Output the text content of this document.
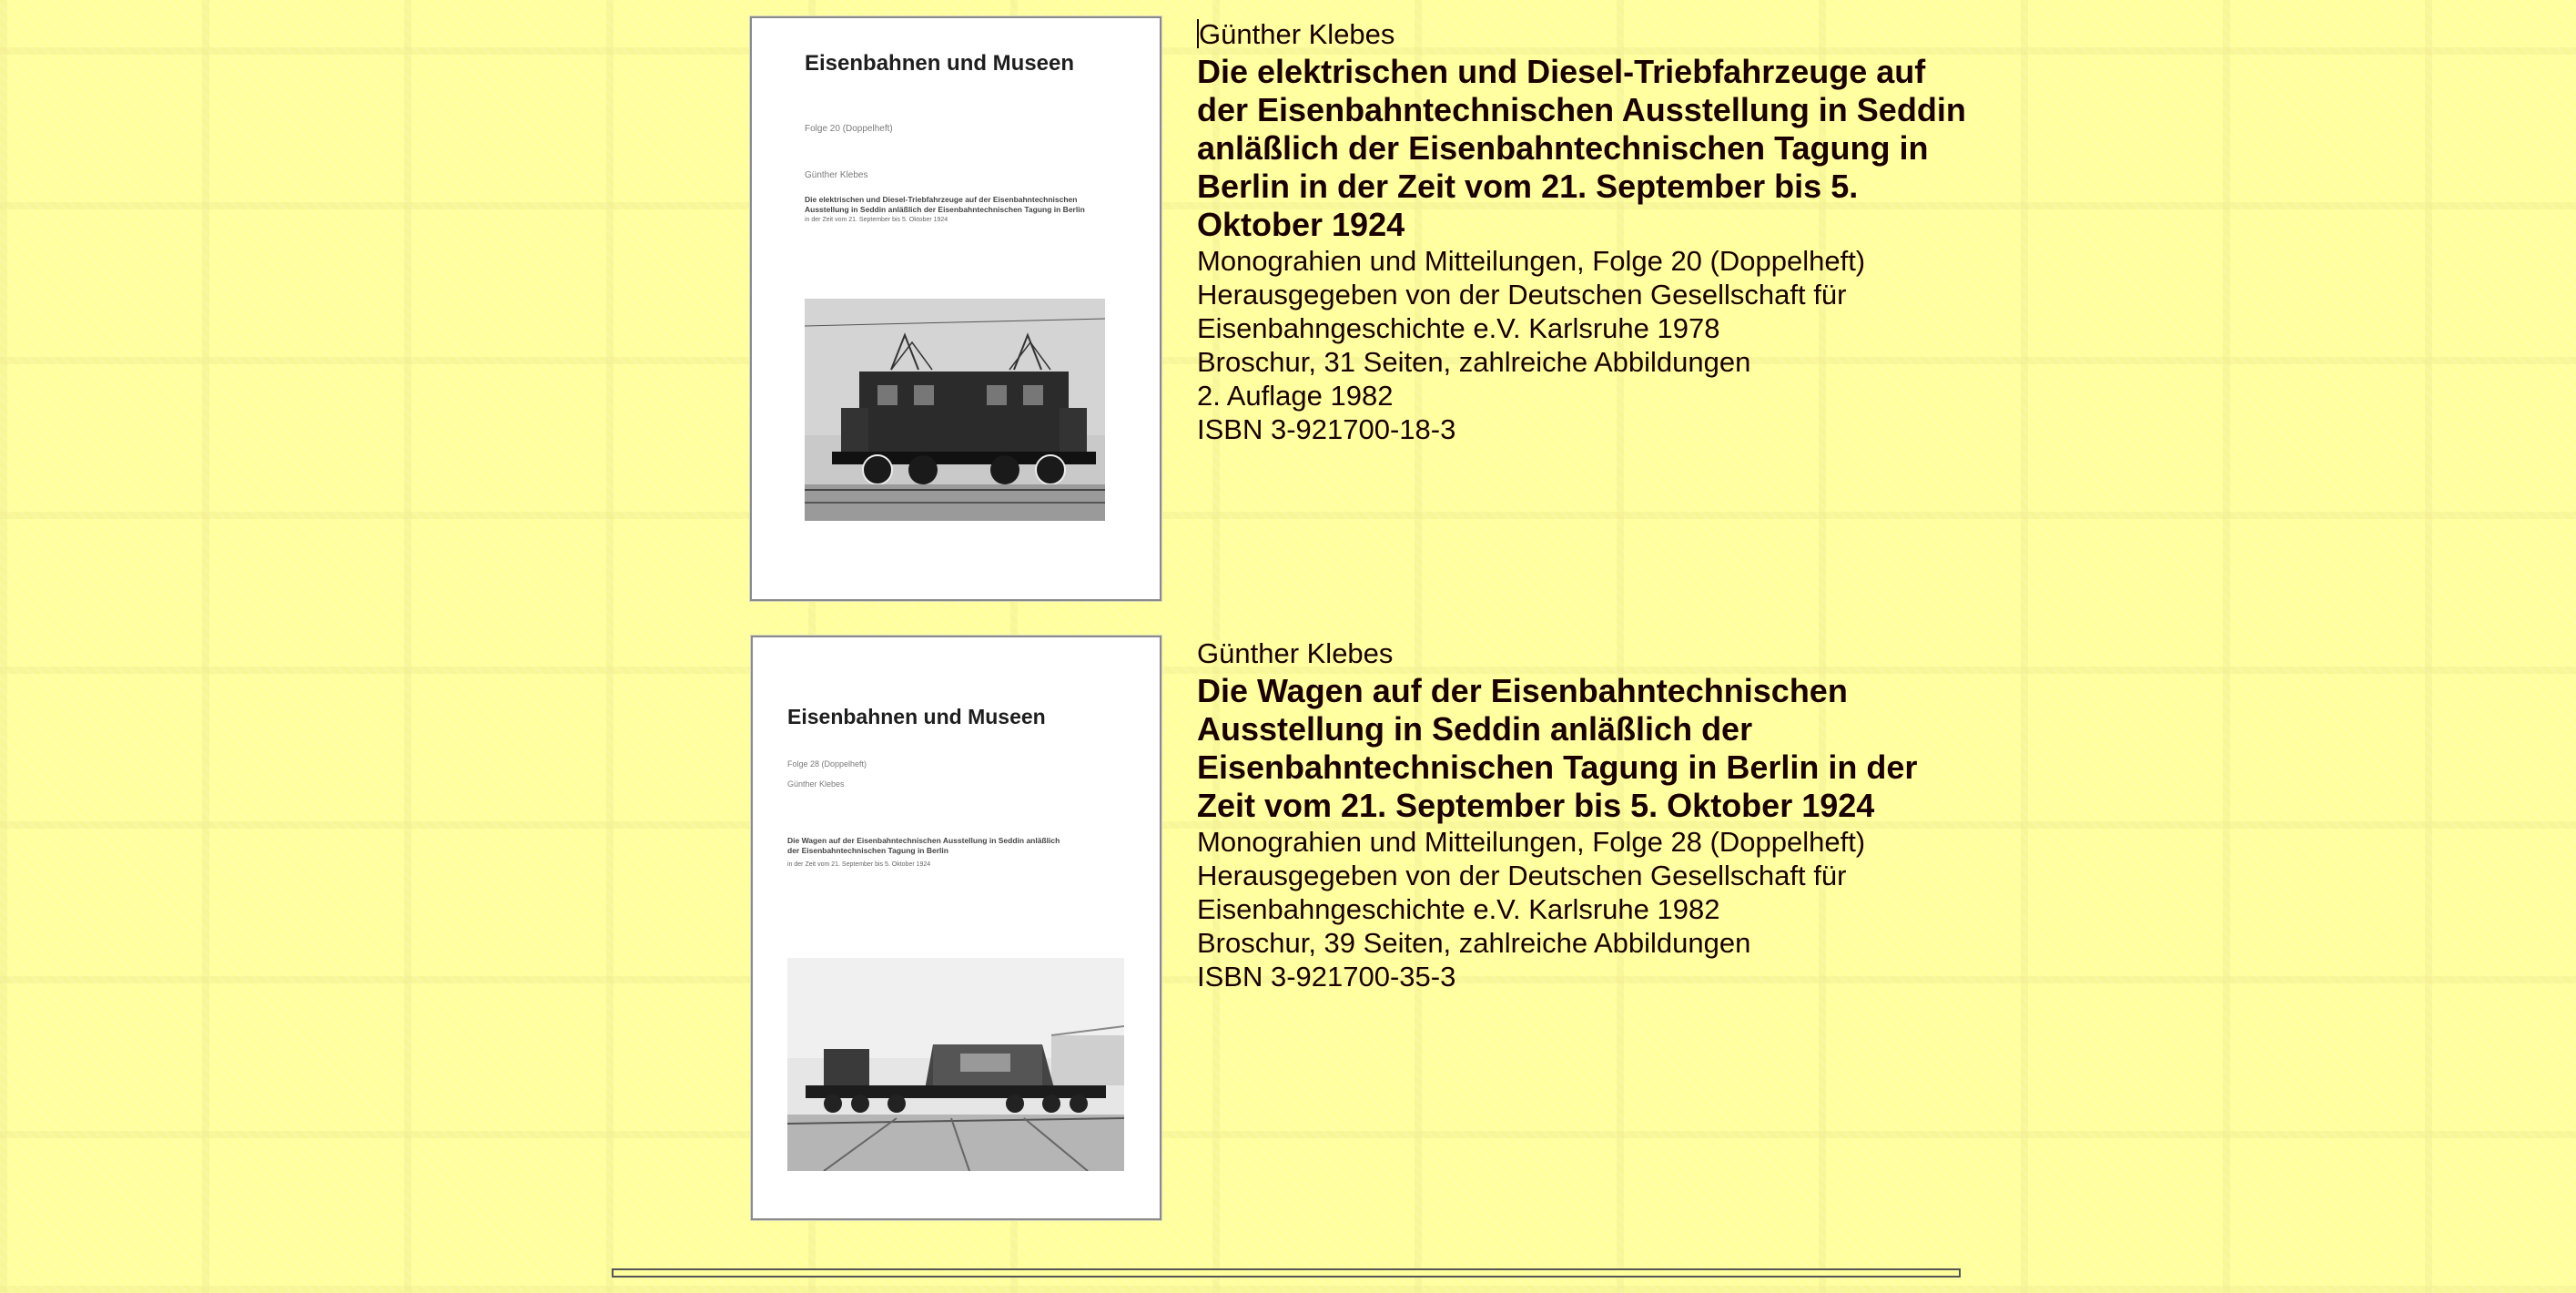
Eisenbahnen und Museen
Folge 20 (Doppelheft)
Günther Klebes
Die elektrischen und Diesel-Triebfahrzeuge auf der Eisenbahntechnischen Ausstellung in Seddin anläßlich der Eisenbahntechnischen Tagung in Berlin
in der Zeit vom 21. September bis 5. Oktober 1924
Günther Klebes
Die elektrischen und Diesel-Triebfahrzeuge auf der Eisenbahntechnischen Ausstellung in Seddin anläßlich der Eisenbahntechnischen Tagung in Berlin in der Zeit vom 21. September bis 5. Oktober 1924
Monograhien und Mitteilungen, Folge 20 (Doppelheft)
Herausgegeben von der Deutschen Gesellschaft für
Eisenbahngeschichte e.V. Karlsruhe 1978
Broschur, 31 Seiten, zahlreiche Abbildungen
2. Auflage 1982
ISBN 3-921700-18-3
Eisenbahnen und Museen
Folge 28 (Doppelheft)
Günther Klebes
Die Wagen auf der Eisenbahntechnischen Ausstellung in Seddin anläßlich der Eisenbahntechnischen Tagung in Berlin
in der Zeit vom 21. September bis 5. Oktober 1924
Günther Klebes
Die Wagen auf der Eisenbahntechnischen Ausstellung in Seddin anläßlich der Eisenbahntechnischen Tagung in Berlin in der Zeit vom 21. September bis 5. Oktober 1924
Monograhien und Mitteilungen, Folge 28 (Doppelheft)
Herausgegeben von der Deutschen Gesellschaft für
Eisenbahngeschichte e.V. Karlsruhe 1982
Broschur, 39 Seiten, zahlreiche Abbildungen
ISBN 3-921700-35-3
